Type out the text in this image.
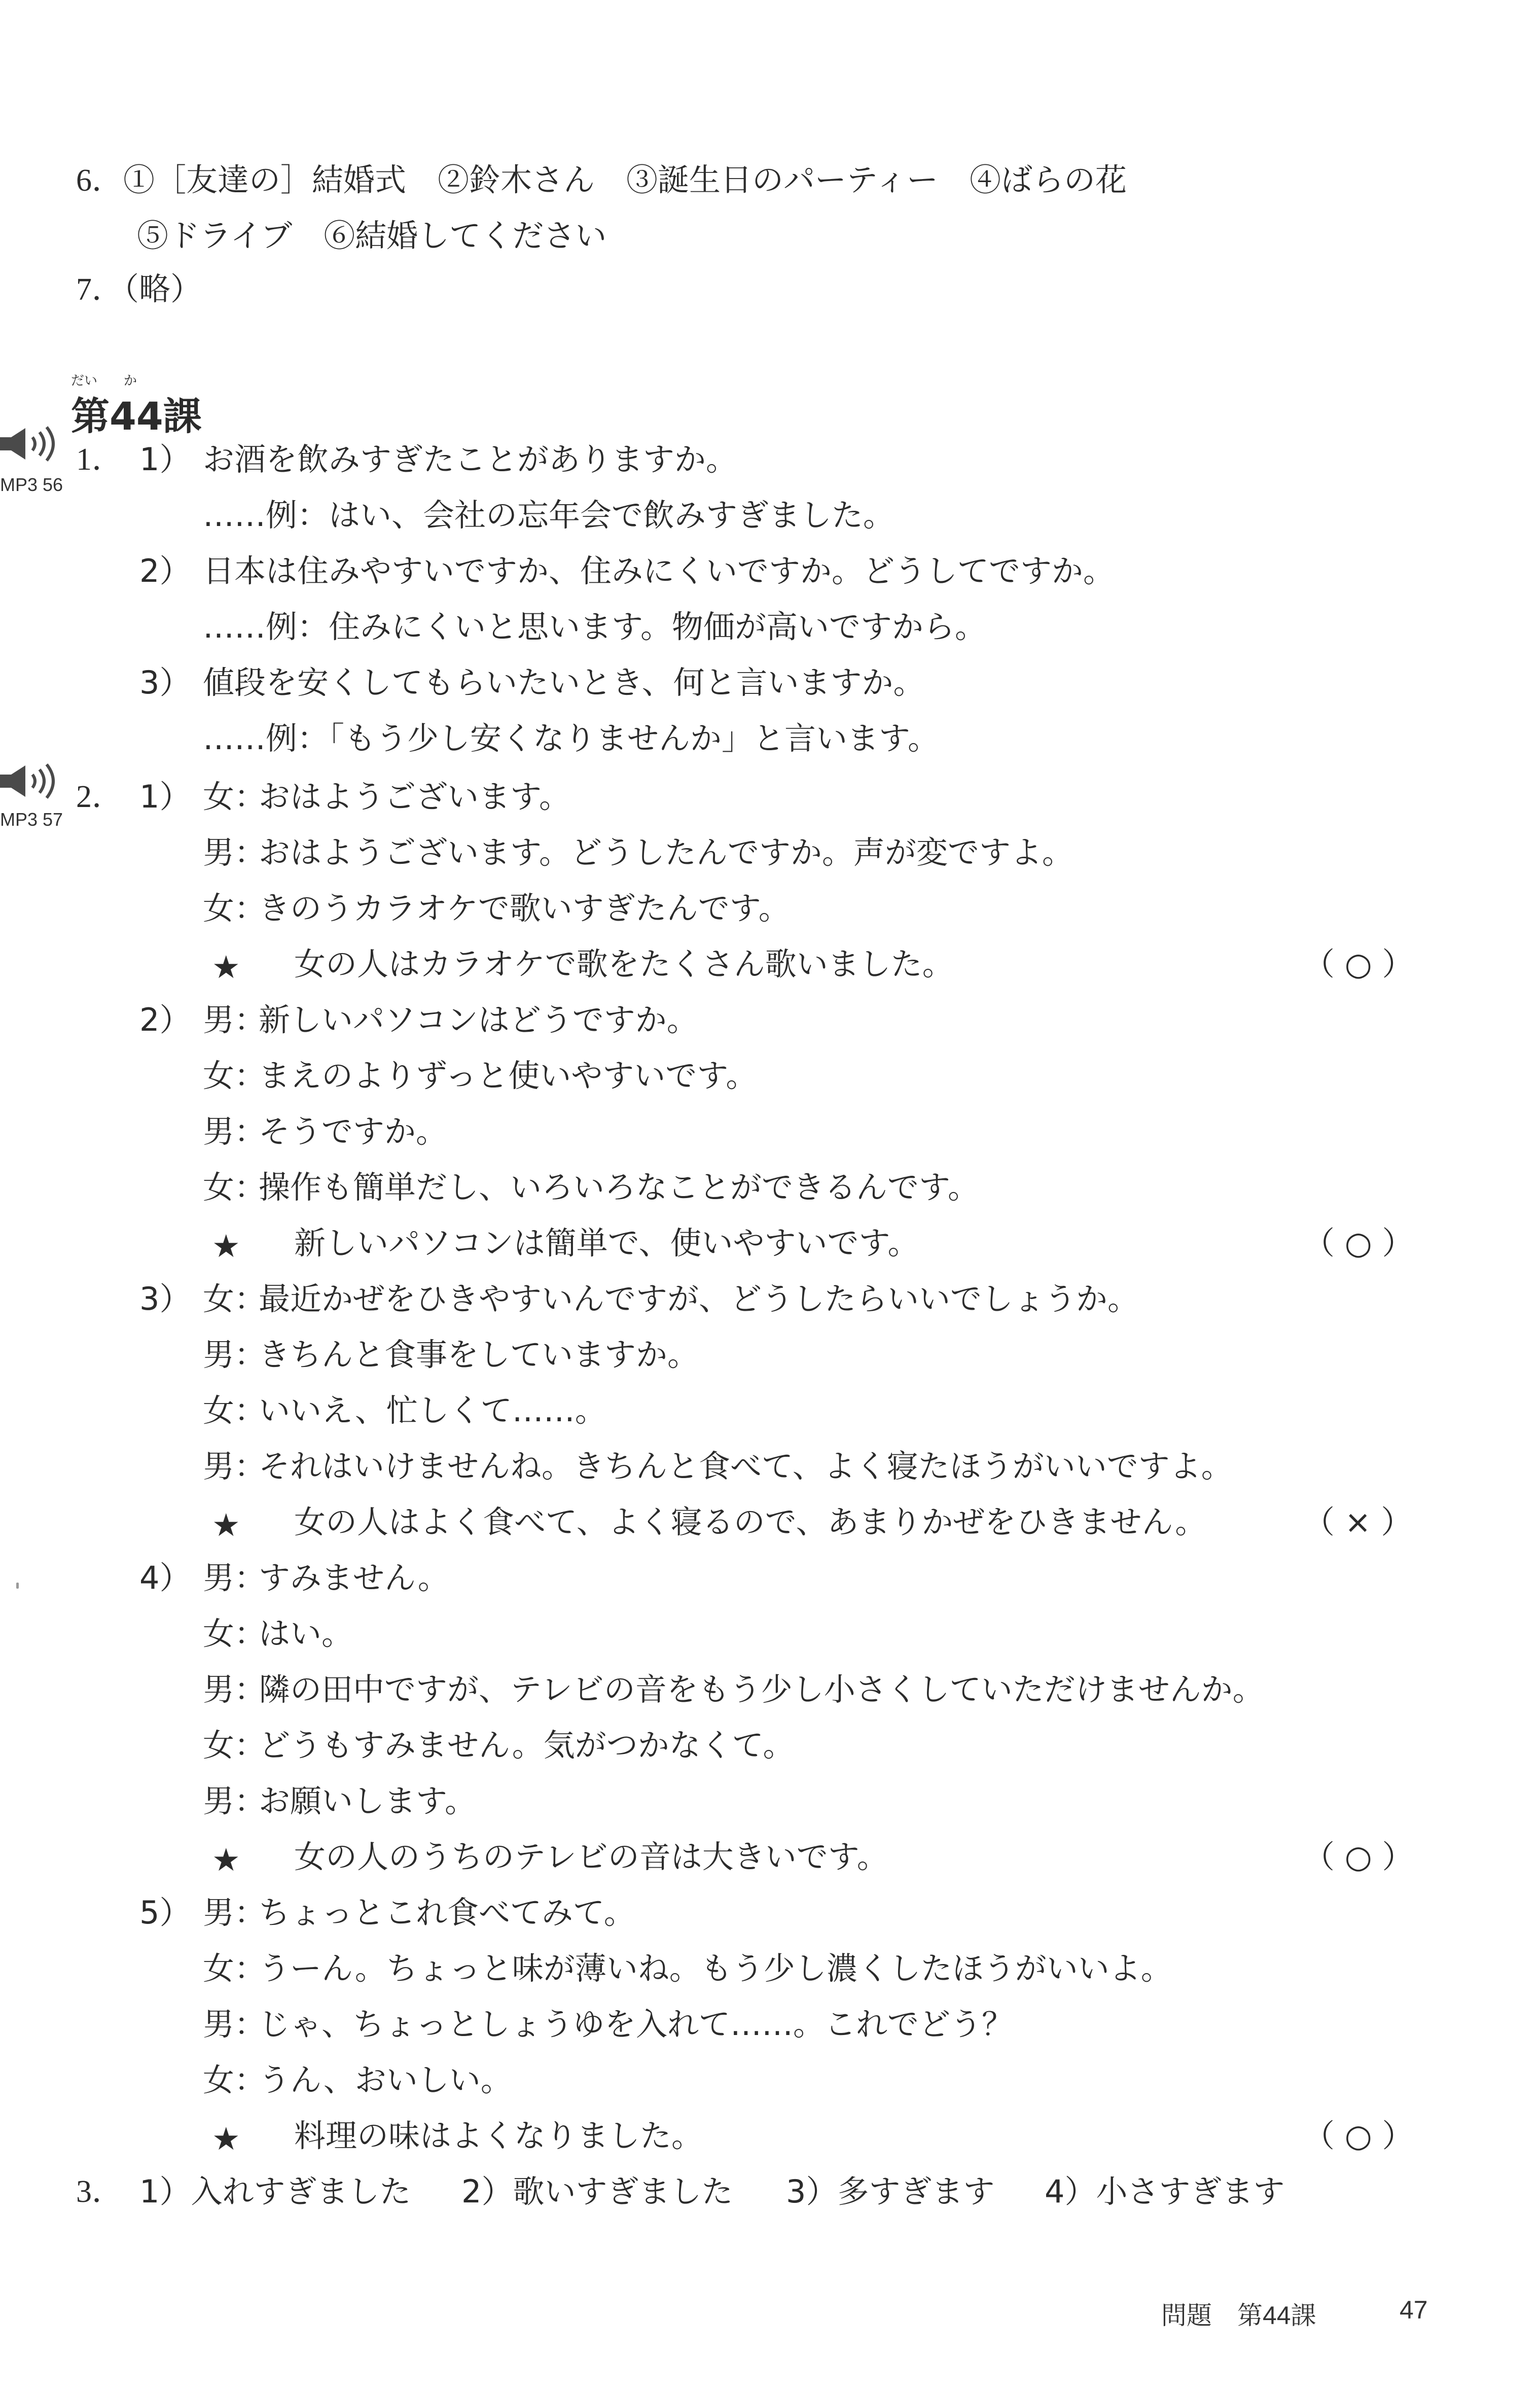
6．①［友達の］結婚式　②鈴木さん　③誕生日のパーティー　④ばらの花
⑤ドライブ　⑥結婚してください
7．（略）
だい　　か
第44課
MP3 56
MP3 57
1． 1） お酒を飲みすぎたことがありますか。
……例：はい、会社の忘年会で飲みすぎました。
2） 日本は住みやすいですか、住みにくいですか。どうしてですか。
……例：住みにくいと思います。物価が高いですから。
3） 値段を安くしてもらいたいとき、何と言いますか。
……例：「もう少し安くなりませんか」と言います。
2． 1） 女：おはようございます。
男：おはようございます。どうしたんですか。声が変ですよ。
女：きのうカラオケで歌いすぎたんです。
★ 女の人はカラオケで歌をたくさん歌いました。	（ ○ ）
2） 男：新しいパソコンはどうですか。
女：まえのよりずっと使いやすいです。
男：そうですか。
女：操作も簡単だし、いろいろなことができるんです。
★ 新しいパソコンは簡単で、使いやすいです。	（ ○ ）
3） 女：最近かぜをひきやすいんですが、どうしたらいいでしょうか。
男：きちんと食事をしていますか。
女：いいえ、忙しくて……。
男：それはいけませんね。きちんと食べて、よく寝たほうがいいですよ。
★ 女の人はよく食べて、よく寝るので、あまりかぜをひきません。	（ × ）
4） 男：すみません。
女：はい。
男：隣の田中ですが、テレビの音をもう少し小さくしていただけませんか。
女：どうもすみません。気がつかなくて。
男：お願いします。
★ 女の人のうちのテレビの音は大きいです。	（ ○ ）
5） 男：ちょっとこれ食べてみて。
女：うーん。ちょっと味が薄いね。もう少し濃くしたほうがいいよ。
男：じゃ、ちょっとしょうゆを入れて……。これでどう？
女：うん、おいしい。
★ 料理の味はよくなりました。	（ ○ ）
3． 1）入れすぎました 2）歌いすぎました 3）多すぎます 4）小さすぎます
問題　第44課	47
